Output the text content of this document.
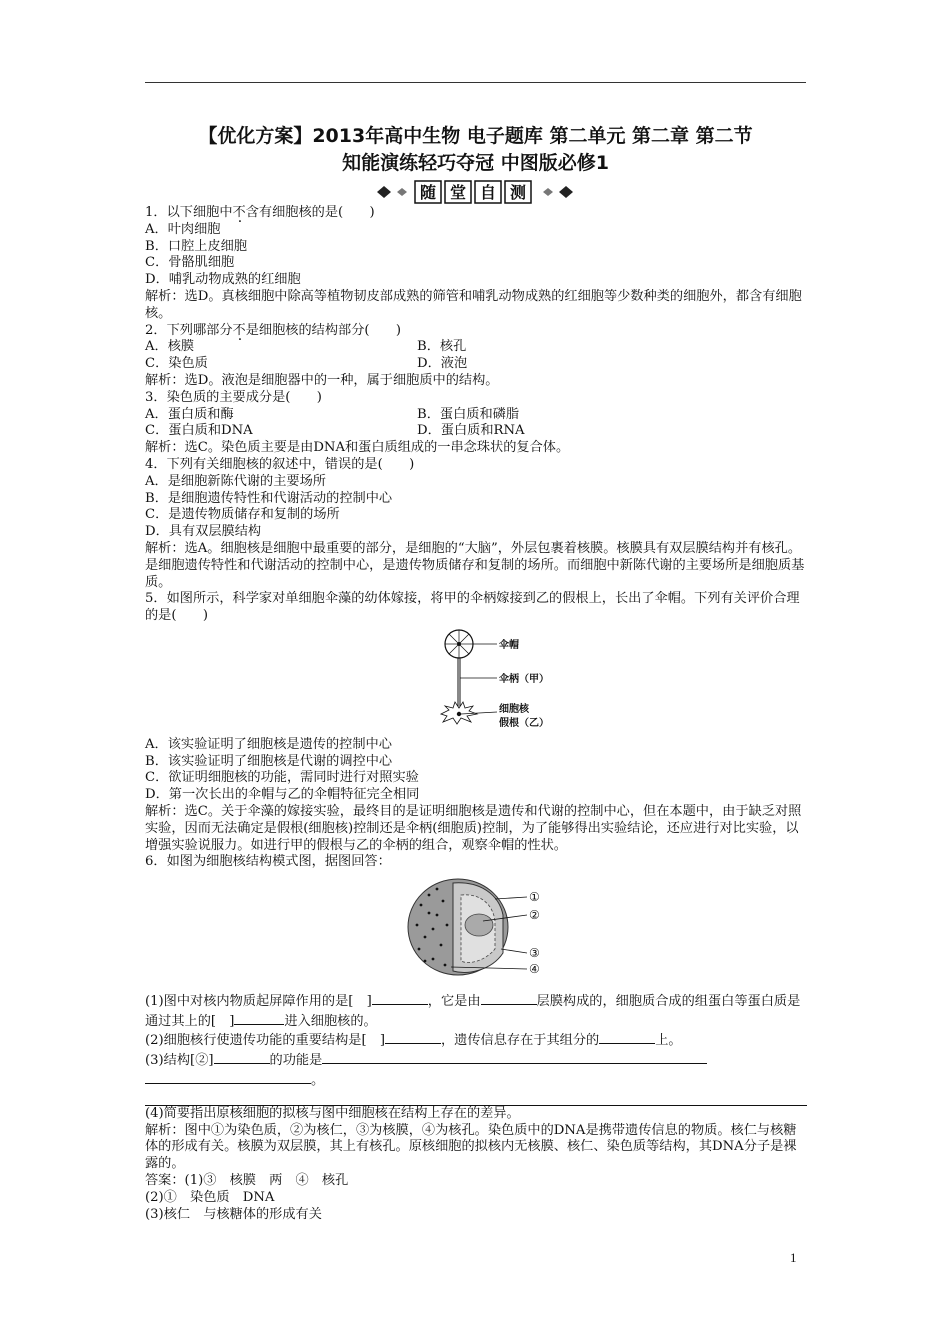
【优化方案】2013年高中生物 电子题库 第二单元 第二章 第二节
知能演练轻巧夺冠 中图版必修1
随 堂 自 测

1．以下细胞中不含有细胞核的是(　　)

A．叶肉细胞

B．口腔上皮细胞

C．骨骼肌细胞

D．哺乳动物成熟的红细胞

解析：选D。真核细胞中除高等植物韧皮部成熟的筛管和哺乳动物成熟的红细胞等少数种类的细胞外，都含有细胞核。

2．下列哪部分不是细胞核的结构部分(　　)

A．核膜	B．核孔
C．染色质	D．液泡

解析：选D。液泡是细胞器中的一种，属于细胞质中的结构。

3．染色质的主要成分是(　　)

A．蛋白质和酶	B．蛋白质和磷脂
C．蛋白质和DNA	D．蛋白质和RNA

解析：选C。染色质主要是由DNA和蛋白质组成的一串念珠状的复合体。

4．下列有关细胞核的叙述中，错误的是(　　)

A．是细胞新陈代谢的主要场所

B．是细胞遗传特性和代谢活动的控制中心

C．是遗传物质储存和复制的场所

D．具有双层膜结构

解析：选A。细胞核是细胞中最重要的部分，是细胞的“大脑”，外层包裹着核膜。核膜具有双层膜结构并有核孔。是细胞遗传特性和代谢活动的控制中心，是遗传物质储存和复制的场所。而细胞中新陈代谢的主要场所是细胞质基质。

5．如图所示，科学家对单细胞伞藻的幼体嫁接，将甲的伞柄嫁接到乙的假根上，长出了伞帽。下列有关评价合理的是(　　)

伞帽
伞柄（甲）
细胞核
假根（乙）

A．该实验证明了细胞核是遗传的控制中心

B．该实验证明了细胞核是代谢的调控中心

C．欲证明细胞核的功能，需同时进行对照实验

D．第一次长出的伞帽与乙的伞帽特征完全相同

解析：选C。关于伞藻的嫁接实验，最终目的是证明细胞核是遗传和代谢的控制中心，但在本题中，由于缺乏对照实验，因而无法确定是假根(细胞核)控制还是伞柄(细胞质)控制，为了能够得出实验结论，还应进行对比实验，以增强实验说服力。如进行甲的假根与乙的伞柄的组合，观察伞帽的性状。

6．如图为细胞核结构模式图，据图回答：

①
②
③
④

(1)图中对核内物质起屏障作用的是[　]	，它是由	层膜构成的，细胞质合成的组蛋白等蛋白质是通过其上的[　]	进入细胞核的。

(2)细胞核行使遗传功能的重要结构是[　]	，遗传信息存在于其组分的	上。

(3)结构[②]	的功能是

。

(4)简要指出原核细胞的拟核与图中细胞核在结构上存在的差异。

解析：图中①为染色质，②为核仁，③为核膜，④为核孔。染色质中的DNA是携带遗传信息的物质。核仁与核糖体的形成有关。核膜为双层膜，其上有核孔。原核细胞的拟核内无核膜、核仁、染色质等结构，其DNA分子是裸露的。

答案：(1)③　核膜　两　④　核孔

(2)①　染色质　DNA

(3)核仁　与核糖体的形成有关

1
